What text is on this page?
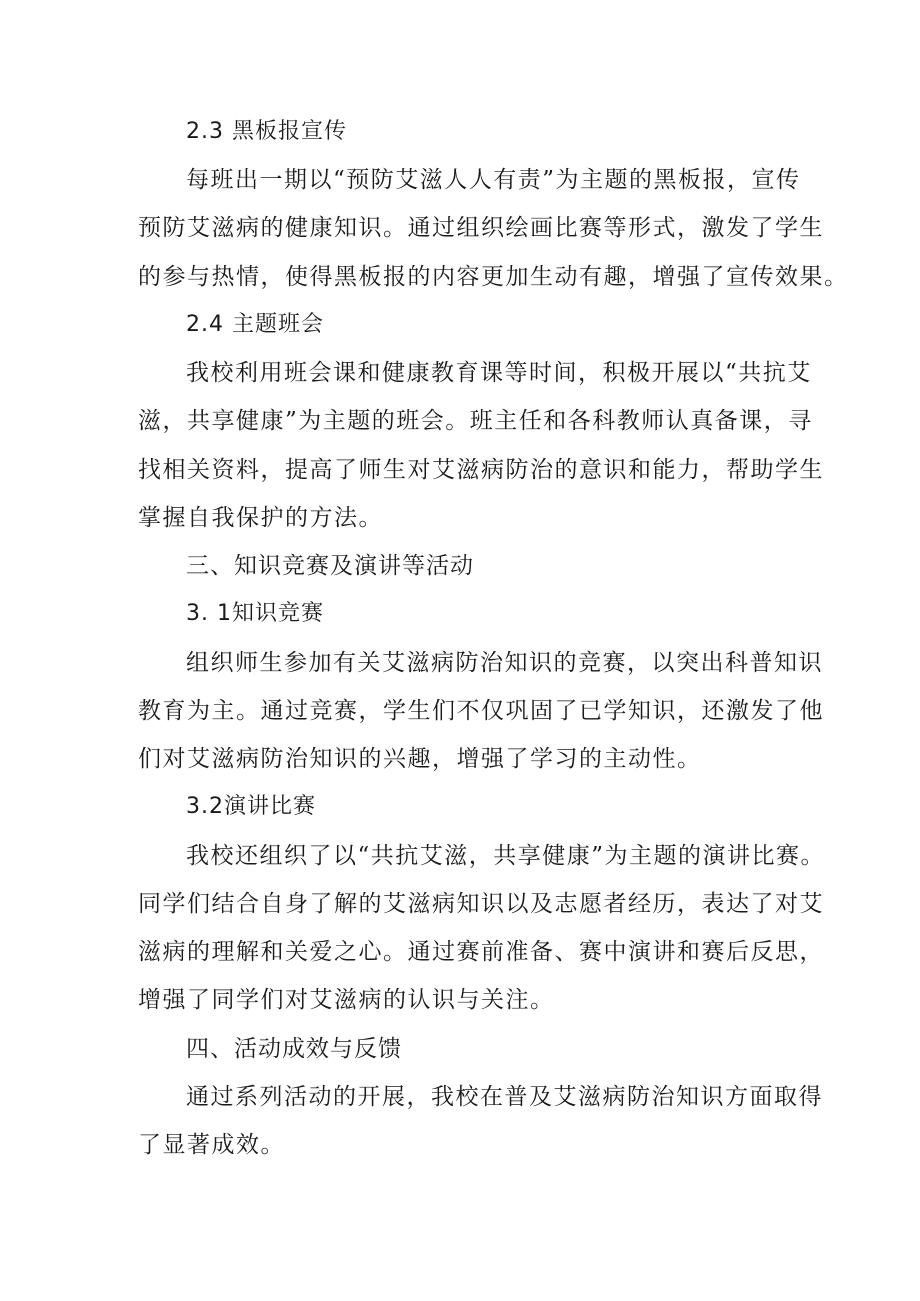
2.3 黑板报宣传
每班出一期以“预防艾滋人人有责”为主题的黑板报，宣传
预防艾滋病的健康知识。通过组织绘画比赛等形式，激发了学生
的参与热情，使得黑板报的内容更加生动有趣，增强了宣传效果。
2.4 主题班会
我校利用班会课和健康教育课等时间，积极开展以“共抗艾
滋，共享健康”为主题的班会。班主任和各科教师认真备课，寻
找相关资料，提高了师生对艾滋病防治的意识和能力，帮助学生
掌握自我保护的方法。
三、知识竞赛及演讲等活动
3. 1知识竞赛
组织师生参加有关艾滋病防治知识的竞赛，以突出科普知识
教育为主。通过竞赛，学生们不仅巩固了已学知识，还激发了他
们对艾滋病防治知识的兴趣，增强了学习的主动性。
3.2演讲比赛
我校还组织了以“共抗艾滋，共享健康”为主题的演讲比赛。
同学们结合自身了解的艾滋病知识以及志愿者经历，表达了对艾
滋病的理解和关爱之心。通过赛前准备、赛中演讲和赛后反思，
增强了同学们对艾滋病的认识与关注。
四、活动成效与反馈
通过系列活动的开展，我校在普及艾滋病防治知识方面取得
了显著成效。
